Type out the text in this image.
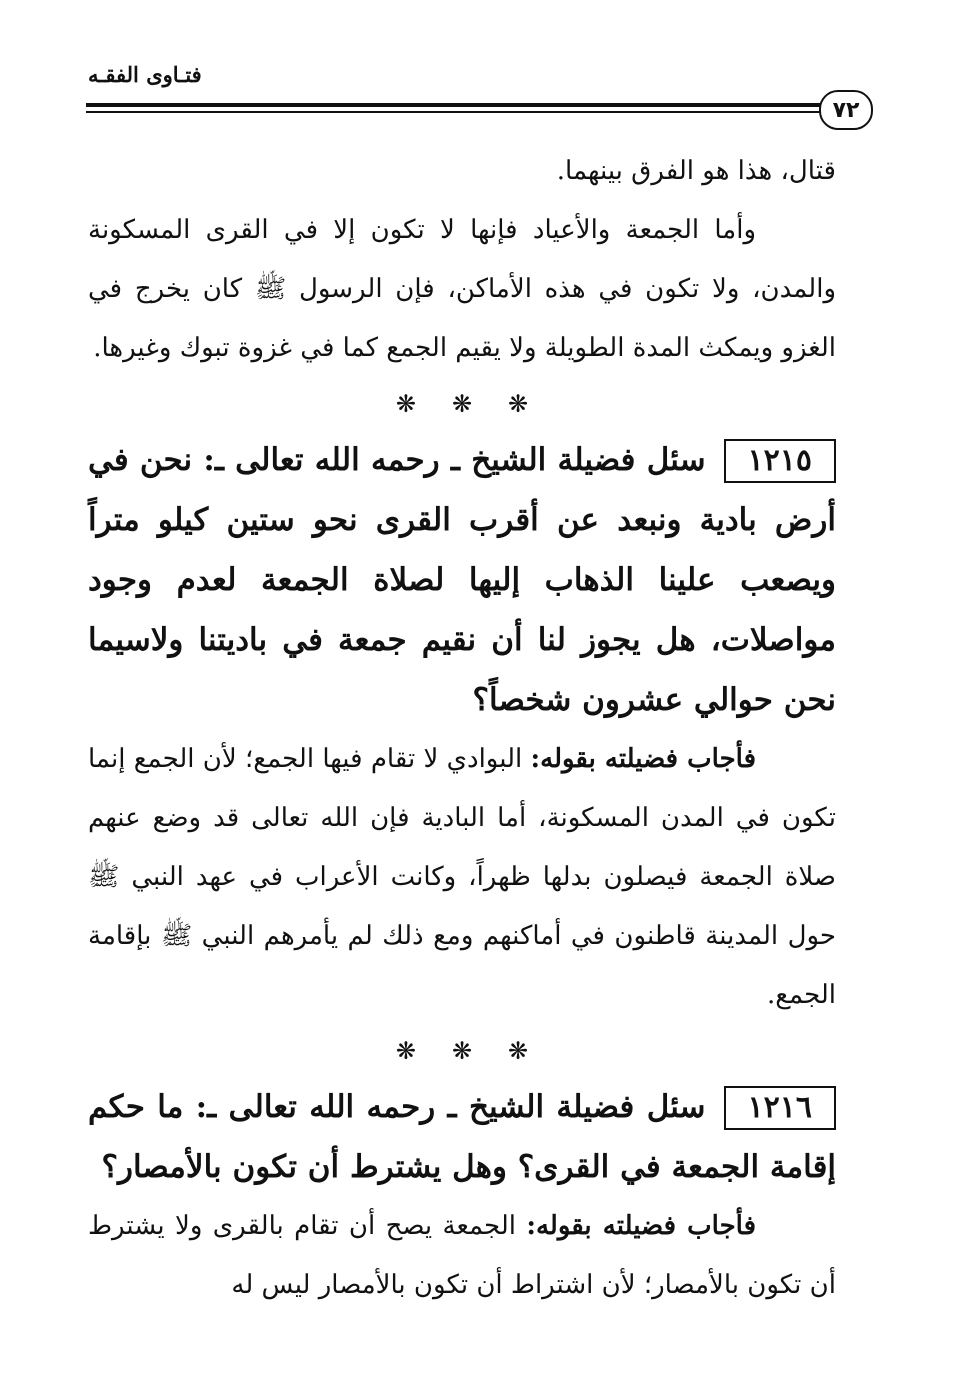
فتـاوى الفقـه
٧٢

قتال، هذا هو الفرق بينهما.

وأما الجمعة والأعياد فإنها لا تكون إلا في القرى المسكونة والمدن، ولا تكون في هذه الأماكن، فإن الرسول ﷺ كان يخرج في الغزو ويمكث المدة الطويلة ولا يقيم الجمع كما في غزوة تبوك وغيرها.

❋ ❋ ❋

١٢١٥سئل فضيلة الشيخ ـ رحمه الله تعالى ـ: نحن في أرض بادية ونبعد عن أقرب القرى نحو ستين كيلو متراً ويصعب علينا الذهاب إليها لصلاة الجمعة لعدم وجود مواصلات، هل يجوز لنا أن نقيم جمعة في باديتنا ولاسيما نحن حوالي عشرون شخصاً؟

فأجاب فضيلته بقوله: البوادي لا تقام فيها الجمع؛ لأن الجمع إنما تكون في المدن المسكونة، أما البادية فإن الله تعالى قد وضع عنهم صلاة الجمعة فيصلون بدلها ظهراً، وكانت الأعراب في عهد النبي ﷺ حول المدينة قاطنون في أماكنهم ومع ذلك لم يأمرهم النبي ﷺ بإقامة الجمع.

❋ ❋ ❋

١٢١٦سئل فضيلة الشيخ ـ رحمه الله تعالى ـ: ما حكم إقامة الجمعة في القرى؟ وهل يشترط أن تكون بالأمصار؟

فأجاب فضيلته بقوله: الجمعة يصح أن تقام بالقرى ولا يشترط أن تكون بالأمصار؛ لأن اشتراط أن تكون بالأمصار ليس له
